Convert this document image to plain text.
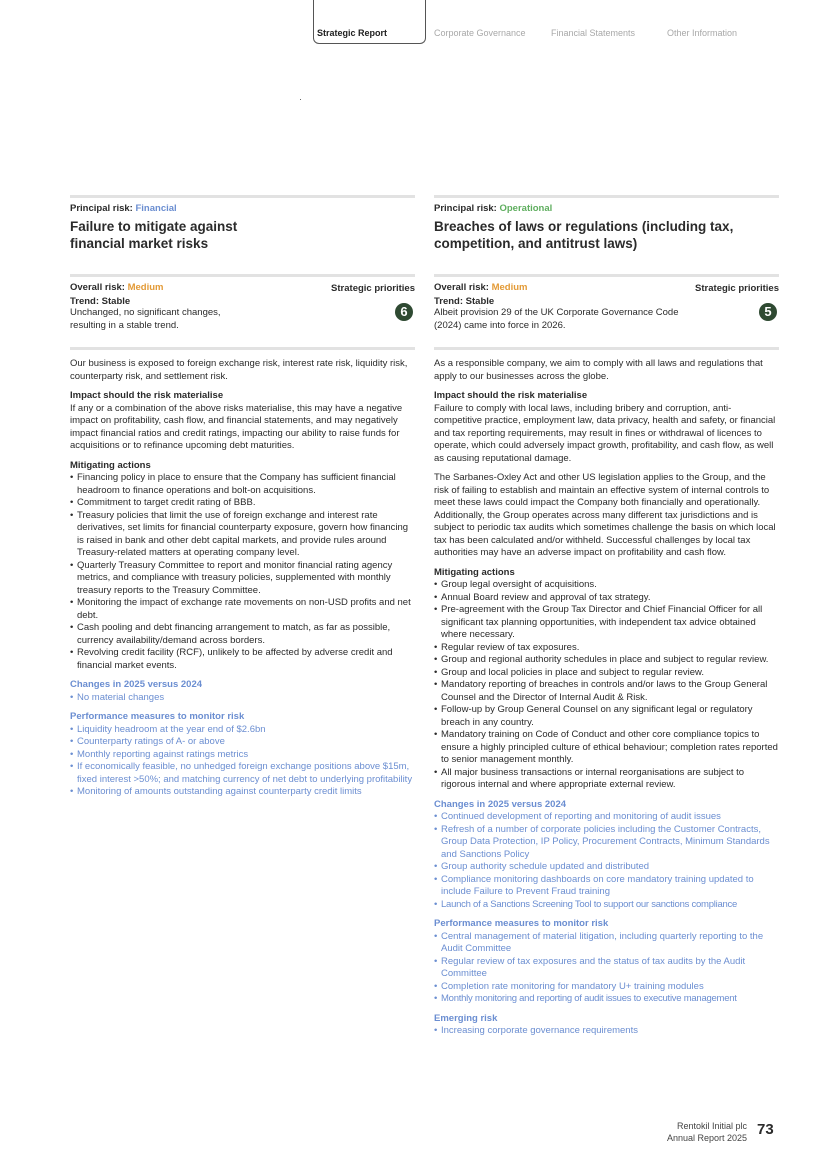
Strategic Report	Corporate Governance	Financial Statements	Other Information
Principal risk: Financial
Failure to mitigate against financial market risks
Overall risk: Medium	Strategic priorities
6
Trend: Stable
Unchanged, no significant changes, resulting in a stable trend.

Our business is exposed to foreign exchange risk, interest rate risk, liquidity risk, counterparty risk, and settlement risk.

Impact should the risk materialise

If any or a combination of the above risks materialise, this may have a negative impact on profitability, cash flow, and financial statements, and may negatively impact financial ratios and credit ratings, impacting our ability to raise funds for acquisitions or to refinance upcoming debt maturities.

Mitigating actions
• Financing policy in place to ensure that the Company has sufficient financial headroom to finance operations and bolt-on acquisitions.
• Commitment to target credit rating of BBB.
• Treasury policies that limit the use of foreign exchange and interest rate derivatives, set limits for financial counterparty exposure, govern how financing is raised in bank and other debt capital markets, and provide rules around Treasury-related matters at operating company level.
• Quarterly Treasury Committee to report and monitor financial rating agency metrics, and compliance with treasury policies, supplemented with monthly treasury reports to the Treasury Committee.
• Monitoring the impact of exchange rate movements on non-USD profits and net debt.
• Cash pooling and debt financing arrangement to match, as far as possible, currency availability/demand across borders.
• Revolving credit facility (RCF), unlikely to be affected by adverse credit and financial market events.
Changes in 2025 versus 2024
• No material changes
Performance measures to monitor risk
• Liquidity headroom at the year end of $2.6bn
• Counterparty ratings of A- or above
• Monthly reporting against ratings metrics
• If economically feasible, no unhedged foreign exchange positions above $15m, fixed interest >50%; and matching currency of net debt to underlying profitability
• Monitoring of amounts outstanding against counterparty credit limits
Principal risk: Operational
Breaches of laws or regulations (including tax, competition, and antitrust laws)
Overall risk: Medium	Strategic priorities
5
Trend: Stable
Albeit provision 29 of the UK Corporate Governance Code (2024) came into force in 2026.

As a responsible company, we aim to comply with all laws and regulations that apply to our businesses across the globe.

Impact should the risk materialise

Failure to comply with local laws, including bribery and corruption, anti-competitive practice, employment law, data privacy, health and safety, or financial and tax reporting requirements, may result in fines or withdrawal of licences to operate, which could adversely impact growth, profitability, and cash flow, as well as causing reputational damage.

The Sarbanes-Oxley Act and other US legislation applies to the Group, and the risk of failing to establish and maintain an effective system of internal controls to meet these laws could impact the Company both financially and operationally. Additionally, the Group operates across many different tax jurisdictions and is subject to periodic tax audits which sometimes challenge the basis on which local tax has been calculated and/or withheld. Successful challenges by local tax authorities may have an adverse impact on profitability and cash flow.

Mitigating actions
• Group legal oversight of acquisitions.
• Annual Board review and approval of tax strategy.
• Pre-agreement with the Group Tax Director and Chief Financial Officer for all significant tax planning opportunities, with independent tax advice obtained where necessary.
• Regular review of tax exposures.
• Group and regional authority schedules in place and subject to regular review.
• Group and local policies in place and subject to regular review.
• Mandatory reporting of breaches in controls and/or laws to the Group General Counsel and the Director of Internal Audit & Risk.
• Follow-up by Group General Counsel on any significant legal or regulatory breach in any country.
• Mandatory training on Code of Conduct and other core compliance topics to ensure a highly principled culture of ethical behaviour; completion rates reported to senior management monthly.
• All major business transactions or internal reorganisations are subject to rigorous internal and where appropriate external review.
Changes in 2025 versus 2024
• Continued development of reporting and monitoring of audit issues
• Refresh of a number of corporate policies including the Customer Contracts, Group Data Protection, IP Policy, Procurement Contracts, Minimum Standards and Sanctions Policy
• Group authority schedule updated and distributed
• Compliance monitoring dashboards on core mandatory training updated to include Failure to Prevent Fraud training
• Launch of a Sanctions Screening Tool to support our sanctions compliance
Performance measures to monitor risk
• Central management of material litigation, including quarterly reporting to the Audit Committee
• Regular review of tax exposures and the status of tax audits by the Audit Committee
• Completion rate monitoring for mandatory U+ training modules
• Monthly monitoring and reporting of audit issues to executive management
Emerging risk
• Increasing corporate governance requirements
Rentokil Initial plc
Annual Report 2025 73
